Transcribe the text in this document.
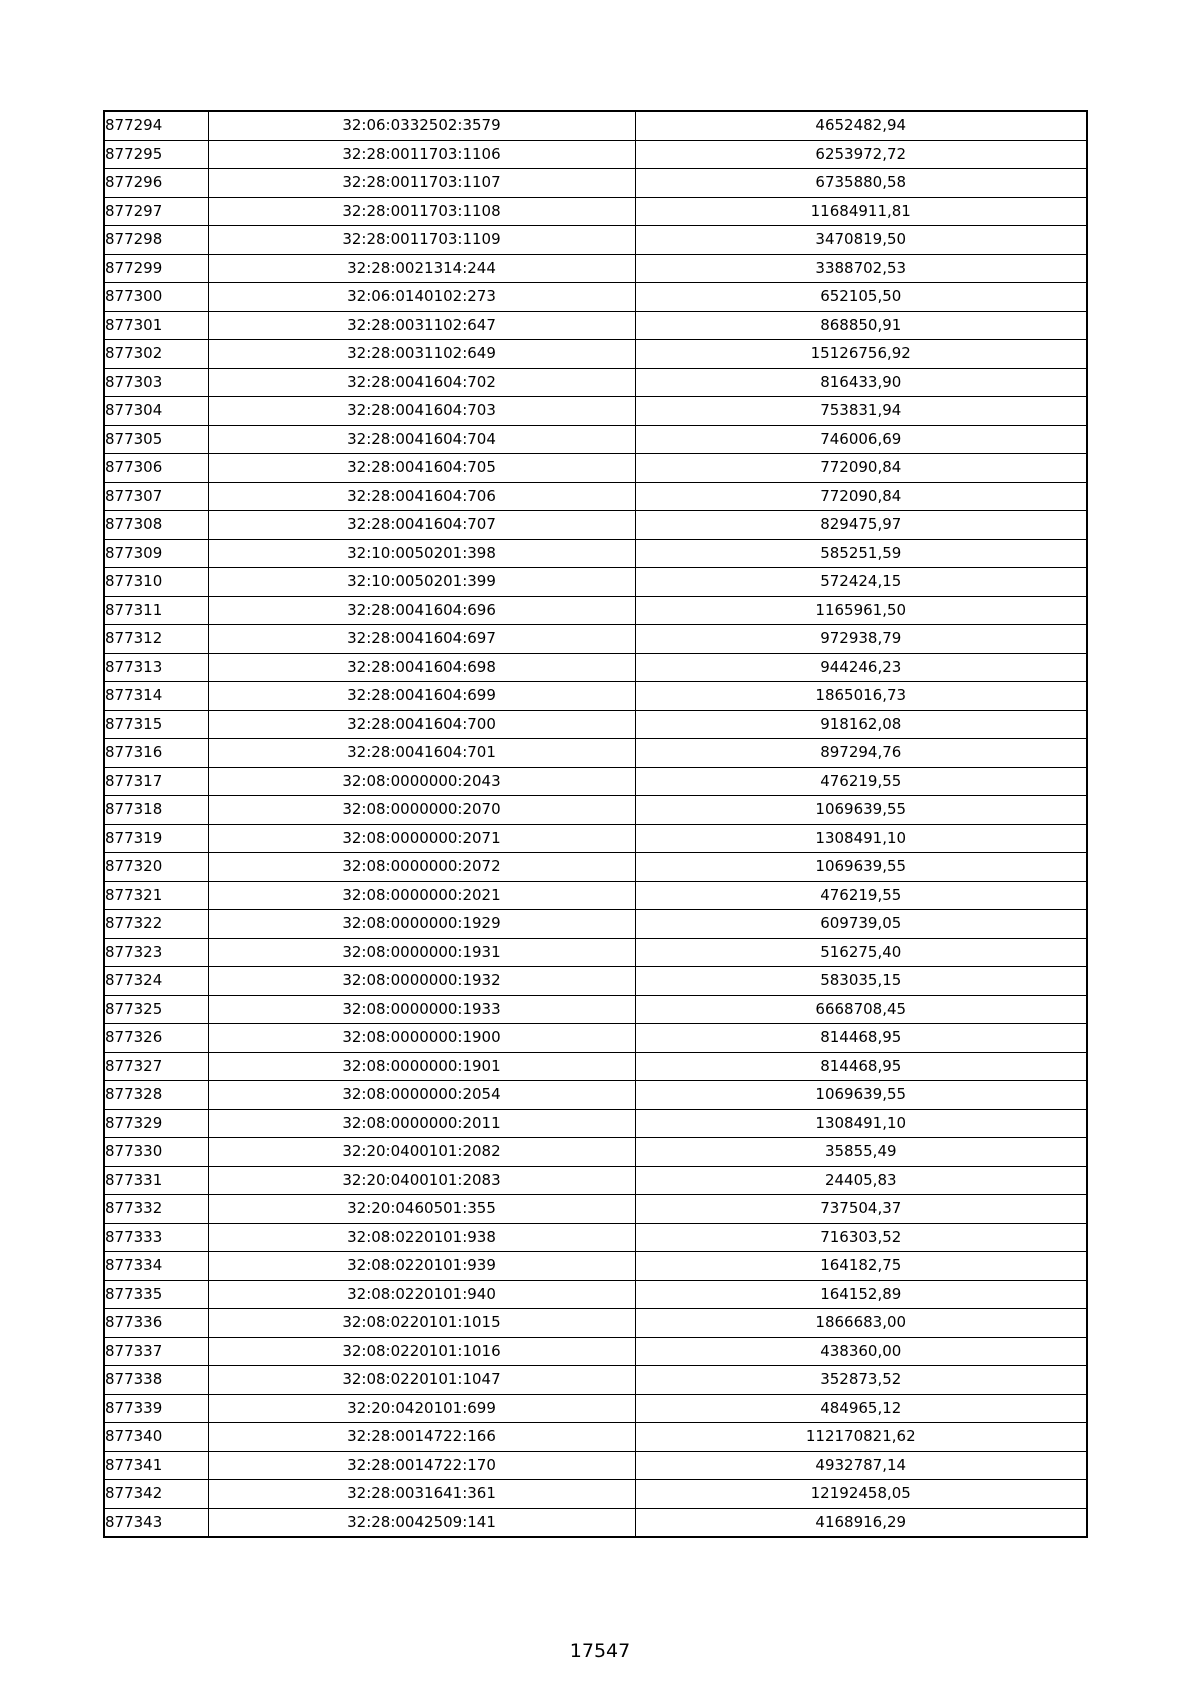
877294	32:06:0332502:3579	4652482,94
877295	32:28:0011703:1106	6253972,72
877296	32:28:0011703:1107	6735880,58
877297	32:28:0011703:1108	11684911,81
877298	32:28:0011703:1109	3470819,50
877299	32:28:0021314:244	3388702,53
877300	32:06:0140102:273	652105,50
877301	32:28:0031102:647	868850,91
877302	32:28:0031102:649	15126756,92
877303	32:28:0041604:702	816433,90
877304	32:28:0041604:703	753831,94
877305	32:28:0041604:704	746006,69
877306	32:28:0041604:705	772090,84
877307	32:28:0041604:706	772090,84
877308	32:28:0041604:707	829475,97
877309	32:10:0050201:398	585251,59
877310	32:10:0050201:399	572424,15
877311	32:28:0041604:696	1165961,50
877312	32:28:0041604:697	972938,79
877313	32:28:0041604:698	944246,23
877314	32:28:0041604:699	1865016,73
877315	32:28:0041604:700	918162,08
877316	32:28:0041604:701	897294,76
877317	32:08:0000000:2043	476219,55
877318	32:08:0000000:2070	1069639,55
877319	32:08:0000000:2071	1308491,10
877320	32:08:0000000:2072	1069639,55
877321	32:08:0000000:2021	476219,55
877322	32:08:0000000:1929	609739,05
877323	32:08:0000000:1931	516275,40
877324	32:08:0000000:1932	583035,15
877325	32:08:0000000:1933	6668708,45
877326	32:08:0000000:1900	814468,95
877327	32:08:0000000:1901	814468,95
877328	32:08:0000000:2054	1069639,55
877329	32:08:0000000:2011	1308491,10
877330	32:20:0400101:2082	35855,49
877331	32:20:0400101:2083	24405,83
877332	32:20:0460501:355	737504,37
877333	32:08:0220101:938	716303,52
877334	32:08:0220101:939	164182,75
877335	32:08:0220101:940	164152,89
877336	32:08:0220101:1015	1866683,00
877337	32:08:0220101:1016	438360,00
877338	32:08:0220101:1047	352873,52
877339	32:20:0420101:699	484965,12
877340	32:28:0014722:166	112170821,62
877341	32:28:0014722:170	4932787,14
877342	32:28:0031641:361	12192458,05
877343	32:28:0042509:141	4168916,29
17547
